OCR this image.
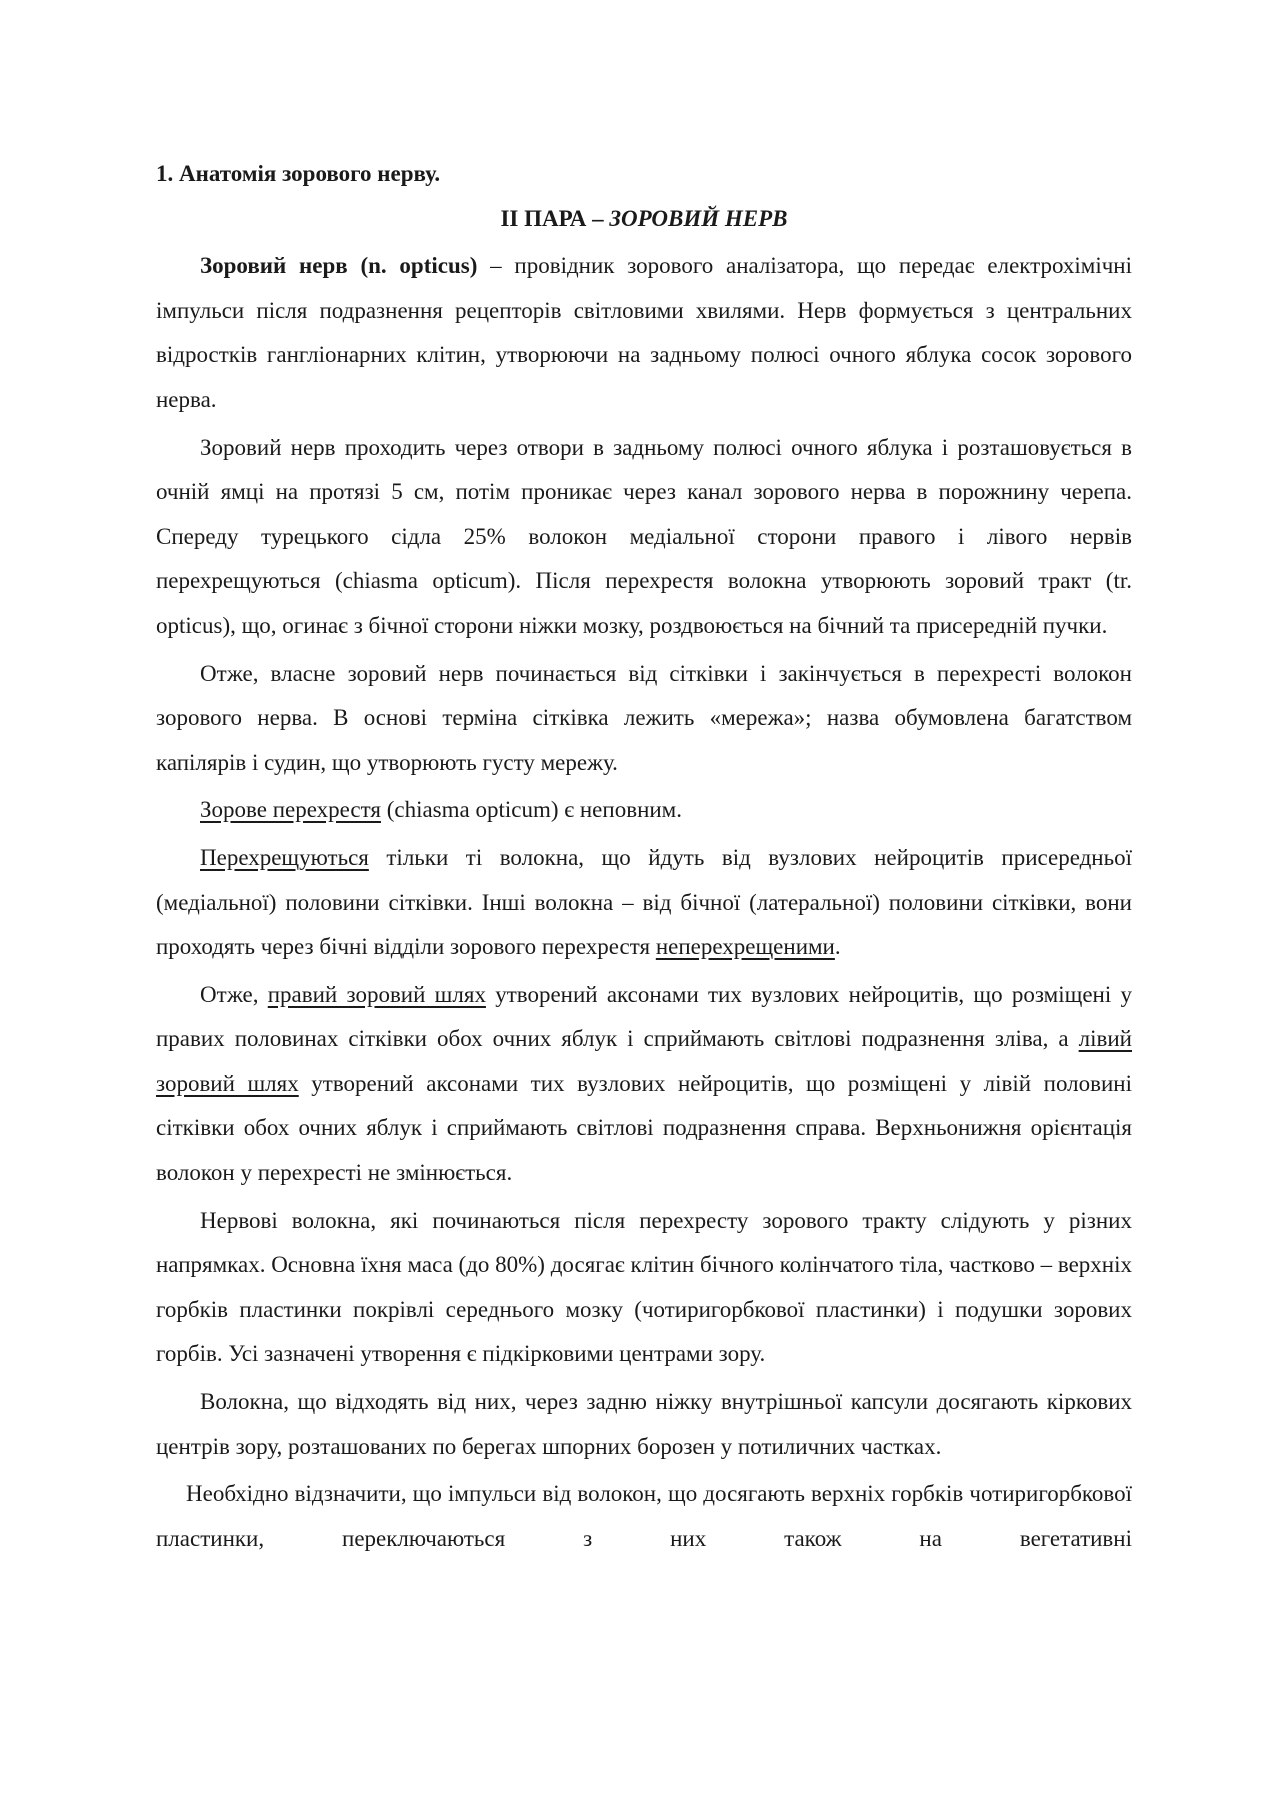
1. Анатомія зорового нерву.
II ПАРА – ЗОРОВИЙ НЕРВ

Зоровий нерв (n. opticus) – провідник зорового аналізатора, що передає електрохімічні імпульси після подразнення рецепторів світловими хвилями. Нерв формується з центральних відростків гангліонарних клітин, утворюючи на задньому полюсі очного яблука сосок зорового нерва.

Зоровий нерв проходить через отвори в задньому полюсі очного яблука і розташовується в очній ямці на протязі 5 см, потім проникає через канал зорового нерва в порожнину черепа. Спереду турецького сідла 25% волокон медіальної сторони правого і лівого нервів перехрещуються (chiasma opticum). Після перехрестя волокна утворюють зоровий тракт (tr. opticus), що, огинає з бічної сторони ніжки мозку, роздвоюється на бічний та присередній пучки.

Отже, власне зоровий нерв починається від сітківки і закінчується в перехресті волокон зорового нерва. В основі терміна сітківка лежить «мережа»; назва обумовлена багатством капілярів і судин, що утворюють густу мережу.

Зорове перехрестя (chiasma opticum) є неповним.

Перехрещуються тільки ті волокна, що йдуть від вузлових нейроцитів присередньої (медіальної) половини сітківки. Інші волокна – від бічної (латеральної) половини сітківки, вони проходять через бічні відділи зорового перехрестя неперехрещеними.

Отже, правий зоровий шлях утворений аксонами тих вузлових нейроцитів, що розміщені у правих половинах сітківки обох очних яблук і сприймають світлові подразнення зліва, а лівий зоровий шлях утворений аксонами тих вузлових нейроцитів, що розміщені у лівій половині сітківки обох очних яблук і сприймають світлові подразнення справа. Верхньонижня орієнтація волокон у перехресті не змінюється.

Нервові волокна, які починаються після перехресту зорового тракту слідують у різних напрямках. Основна їхня маса (до 80%) досягає клітин бічного колінчатого тіла, частково – верхніх горбків пластинки покрівлі середнього мозку (чотиригорбкової пластинки) і подушки зорових горбів. Усі зазначені утворення є підкірковими центрами зору.

Волокна, що відходять від них, через задню ніжку внутрішньої капсули досягають кіркових центрів зору, розташованих по берегах шпорних борозен у потиличних частках.

Необхідно відзначити, що імпульси від волокон, що досягають верхніх горбків чотиригорбкової пластинки, переключаються з них також на вегетативні
